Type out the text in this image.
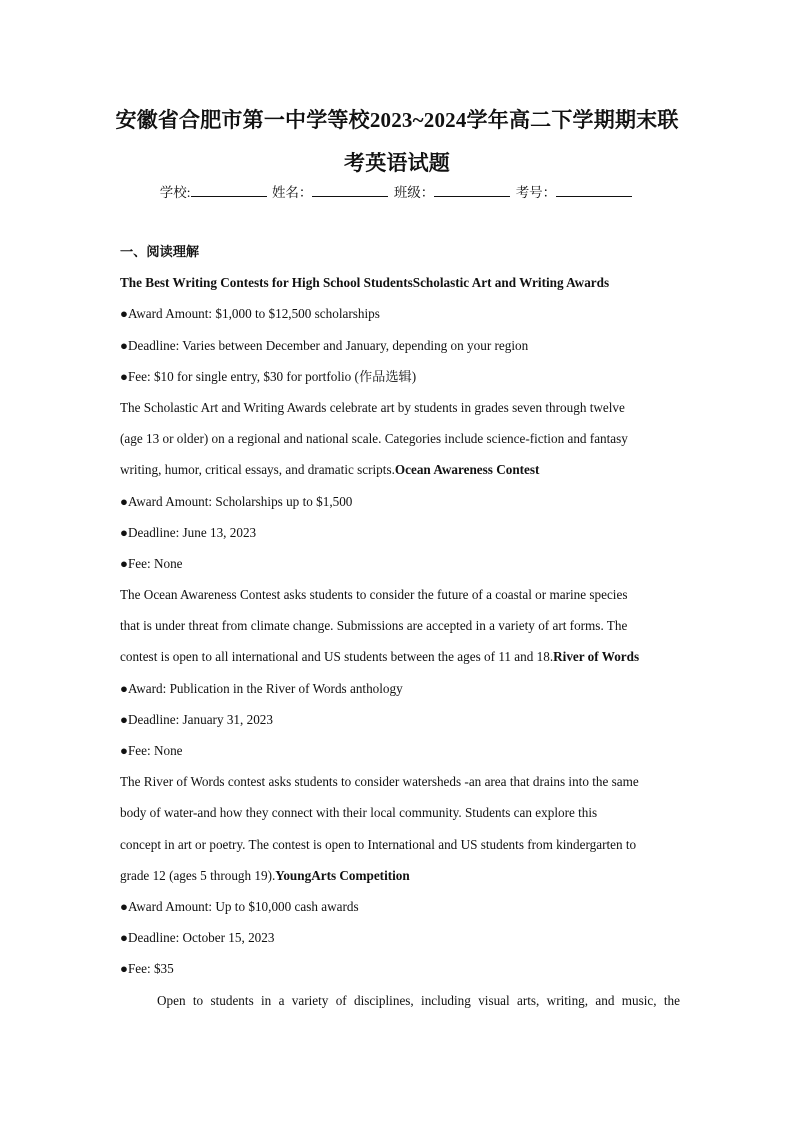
安徽省合肥市第一中学等校2023~2024学年高二下学期期末联
考英语试题
学校:	姓名：	班级：	考号：
一、阅读理解
The Best Writing Contests for High School StudentsScholastic Art and Writing Awards
●Award Amount: $1,000 to $12,500 scholarships
●Deadline: Varies between December and January, depending on your region
●Fee: $10 for single entry, $30 for portfolio (作品选辑)
The Scholastic Art and Writing Awards celebrate art by students in grades seven through twelve
(age 13 or older) on a regional and national scale. Categories include science-fiction and fantasy
writing, humor, critical essays, and dramatic scripts.Ocean Awareness Contest
●Award Amount: Scholarships up to $1,500
●Deadline: June 13, 2023
●Fee: None
The Ocean Awareness Contest asks students to consider the future of a coastal or marine species
that is under threat from climate change. Submissions are accepted in a variety of art forms. The
contest is open to all international and US students between the ages of 11 and 18.River of Words
●Award: Publication in the River of Words anthology
●Deadline: January 31, 2023
●Fee: None
The River of Words contest asks students to consider watersheds -an area that drains into the same
body of water-and how they connect with their local community. Students can explore this
concept in art or poetry. The contest is open to International and US students from kindergarten to
grade 12 (ages 5 through 19).YoungArts Competition
●Award Amount: Up to $10,000 cash awards
●Deadline: October 15, 2023
●Fee: $35
Open to students in a variety of disciplines, including visual arts, writing, and music, the
